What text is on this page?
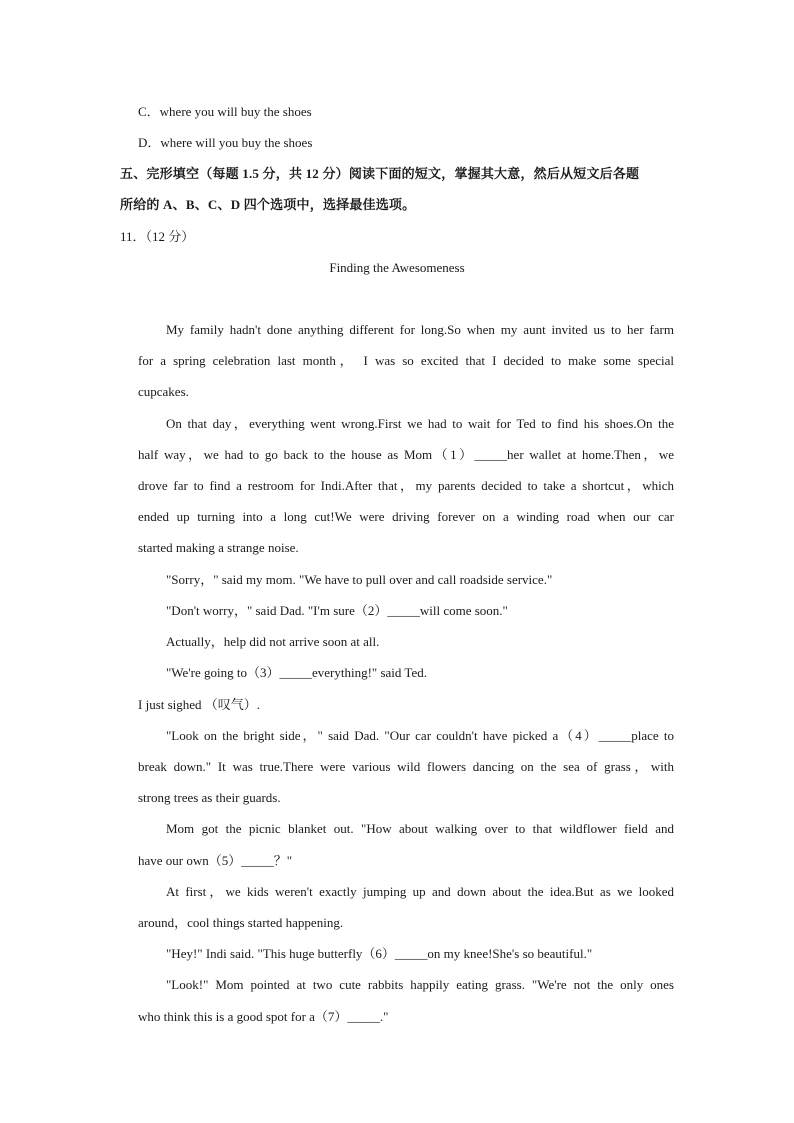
C．where you will buy the shoes
D．where will you buy the shoes
五、完形填空（每题 1.5 分，共 12 分）阅读下面的短文，掌握其大意，然后从短文后各题
所给的 A、B、C、D 四个选项中，选择最佳选项。
11．（12 分）
Finding the Awesomeness
My family hadn't done anything different for long.So when my aunt invited us to her farm
for a spring celebration last month， I was so excited that I decided to make some special
cupcakes.
On that day，everything went wrong.First we had to wait for Ted to find his shoes.On the
half way，we had to go back to the house as Mom（1）_____her wallet at home.Then，we
drove far to find a restroom for Indi.After that，my parents decided to take a shortcut，which
ended up turning into a long cut!We were driving forever on a winding road when our car
started making a strange noise.
"Sorry，" said my mom. "We have to pull over and call roadside service."
"Don't worry，" said Dad. "I'm sure（2）_____will come soon."
Actually，help did not arrive soon at all.
"We're going to（3）_____everything!" said Ted.
I just sighed （叹气）.
"Look on the bright side，" said Dad. "Our car couldn't have picked a（4）_____place to
break down." It was true.There were various wild flowers dancing on the sea of grass，with
strong trees as their guards.
Mom got the picnic blanket out. "How about walking over to that wildflower field and
have our own（5）_____？"
At first，we kids weren't exactly jumping up and down about the idea.But as we looked
around，cool things started happening.
"Hey!" Indi said. "This huge butterfly（6）_____on my knee!She's so beautiful."
"Look!" Mom pointed at two cute rabbits happily eating grass. "We're not the only ones
who think this is a good spot for a（7）_____."
